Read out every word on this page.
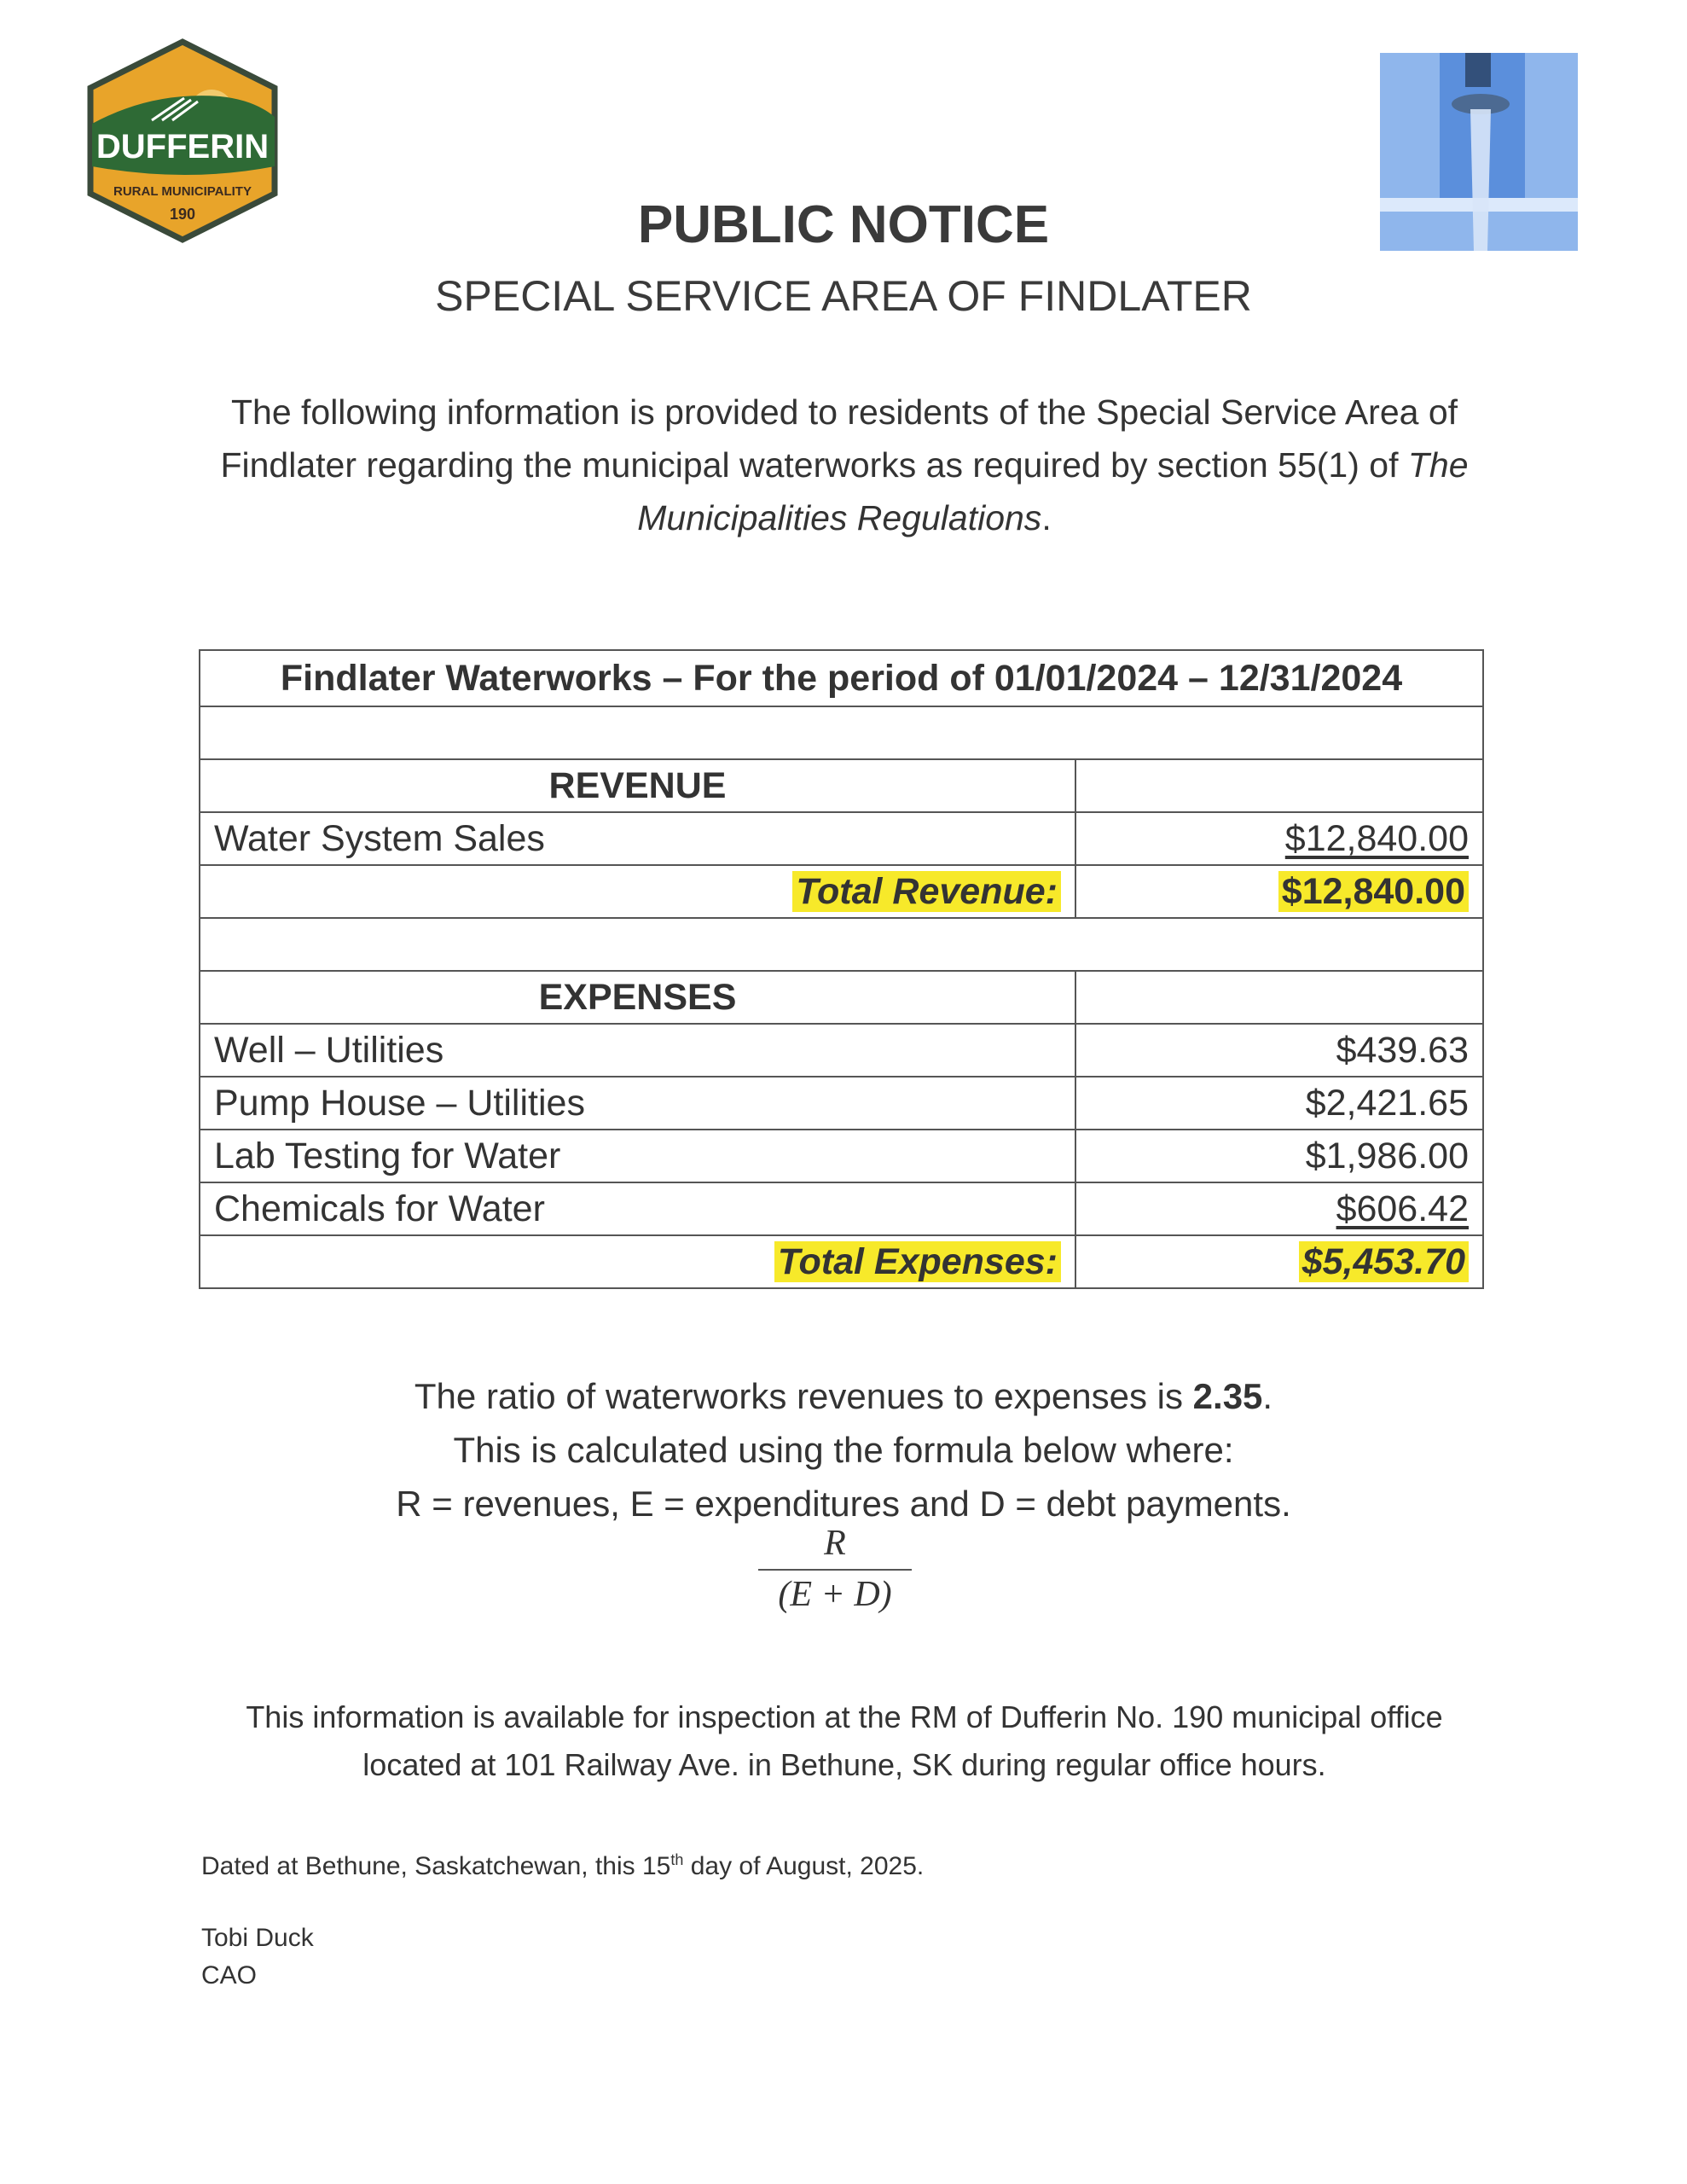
DUFFERIN
RURAL MUNICIPALITY
190	PUBLIC NOTICE
SPECIAL SERVICE AREA OF FINDLATER
The following information is provided to residents of the Special Service Area of Findlater regarding the municipal waterworks as required by section 55(1) of The Municipalities Regulations.
Findlater Waterworks – For the period of 01/01/2024 – 12/31/2024	

REVENUE	
Water System Sales	$12,840.00
Total Revenue:	$12,840.00

EXPENSES	
Well – Utilities	$439.63
Pump House – Utilities	$2,421.65
Lab Testing for Water	$1,986.00
Chemicals for Water	$606.42
Total Expenses:	$5,453.70
The ratio of waterworks revenues to expenses is 2.35.
This is calculated using the formula below where:
R = revenues, E = expenditures and D = debt payments.
$\frac{R}{(E + D)}$
This information is available for inspection at the RM of Dufferin No. 190 municipal office
located at 101 Railway Ave. in Bethune, SK during regular office hours.
Dated at Bethune, Saskatchewan, this 15th day of August, 2025.
Tobi Duck
CAO
